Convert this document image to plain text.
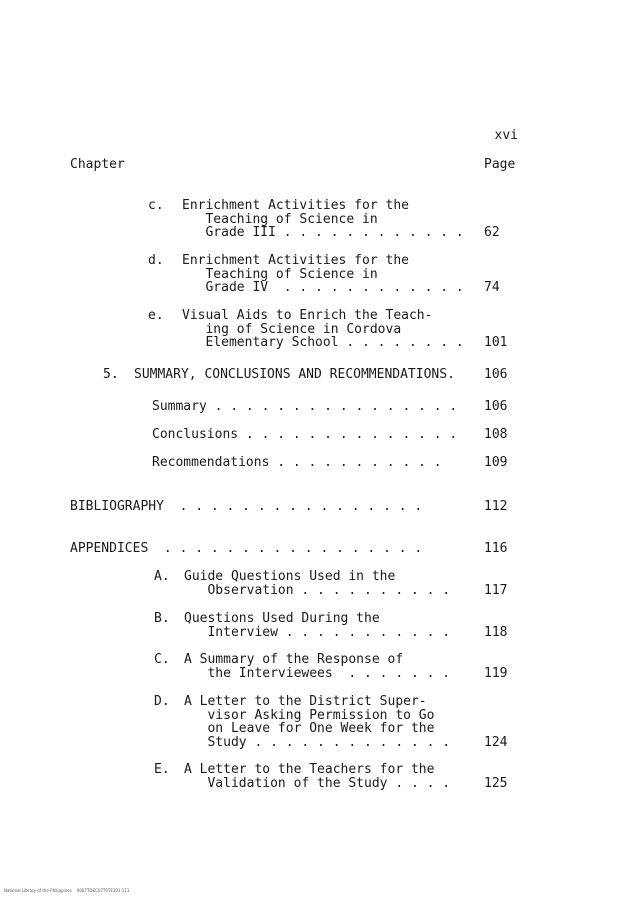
xvi
Chapter	Page
c. Enrichment Activities for the
Teaching of Science in
Grade III . . . . . . . . . . . . 62
d. Enrichment Activities for the
Teaching of Science in
Grade IV  . . . . . . . . . . . . 74
e. Visual Aids to Enrich the Teach-
ing of Science in Cordova
Elementary School . . . . . . . . 101
5. SUMMARY, CONCLUSIONS AND RECOMMENDATIONS. 106
Summary . . . . . . . . . . . . . . . . 106
Conclusions . . . . . . . . . . . . . . 108
Recommendations . . . . . . . . . . .	109
BIBLIOGRAPHY  . . . . . . . . . . . . . . . .	112
APPENDICES  . . . . . . . . . . . . . . . . .	116
A. Guide Questions Used in the
Observation . . . . . . . . . .	117
B. Questions Used During the
Interview . . . . . . . . . . .	118
C. A Summary of the Response of
the Interviewees  . . . . . . .	119
D. A Letter to the District Super-
visor Asking Permission to Go
on Leave for One Week for the
Study . . . . . . . . . . . . .	124
E. A Letter to the Teachers for the
Validation of the Study . . . .	125
National Library of the Philippines    0007TDEC07T0TE101 111
